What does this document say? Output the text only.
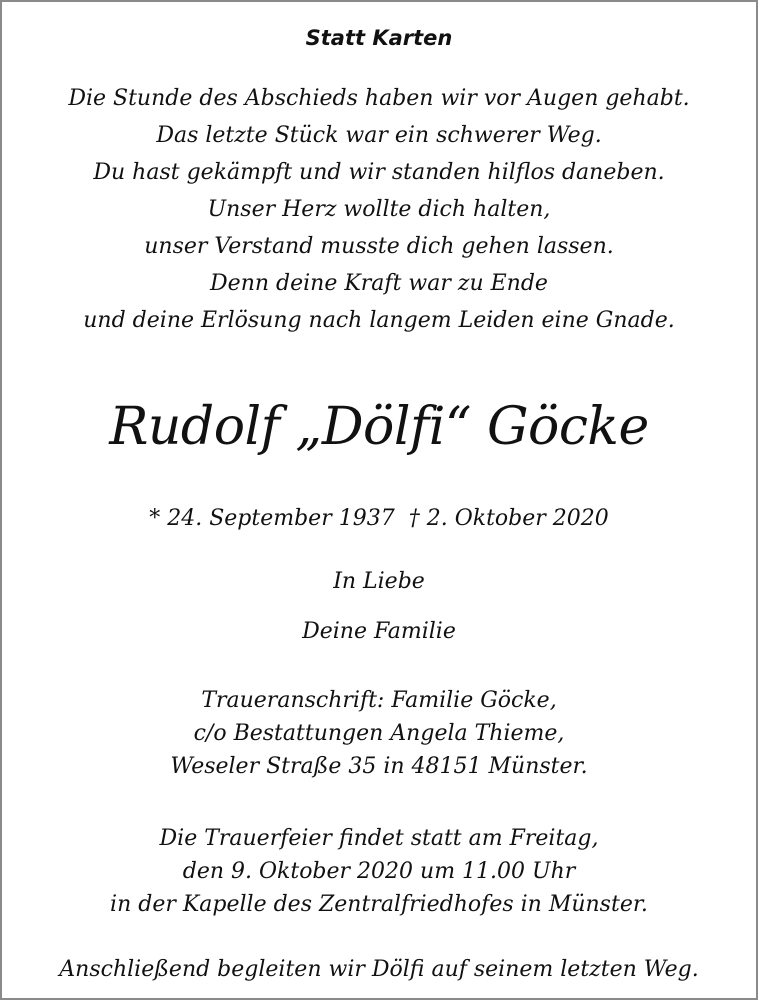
Statt Karten
Die Stunde des Abschieds haben wir vor Augen gehabt.
Das letzte Stück war ein schwerer Weg.
Du hast gekämpft und wir standen hilflos daneben.
Unser Herz wollte dich halten,
unser Verstand musste dich gehen lassen.
Denn deine Kraft war zu Ende
und deine Erlösung nach langem Leiden eine Gnade.
Rudolf „Dölfi“ Göcke
* 24. September 1937 † 2. Oktober 2020
In Liebe
Deine Familie
Traueranschrift: Familie Göcke,
c/o Bestattungen Angela Thieme,
Weseler Straße 35 in 48151 Münster.
Die Trauerfeier findet statt am Freitag,
den 9. Oktober 2020 um 11.00 Uhr
in der Kapelle des Zentralfriedhofes in Münster.
Anschließend begleiten wir Dölfi auf seinem letzten Weg.
